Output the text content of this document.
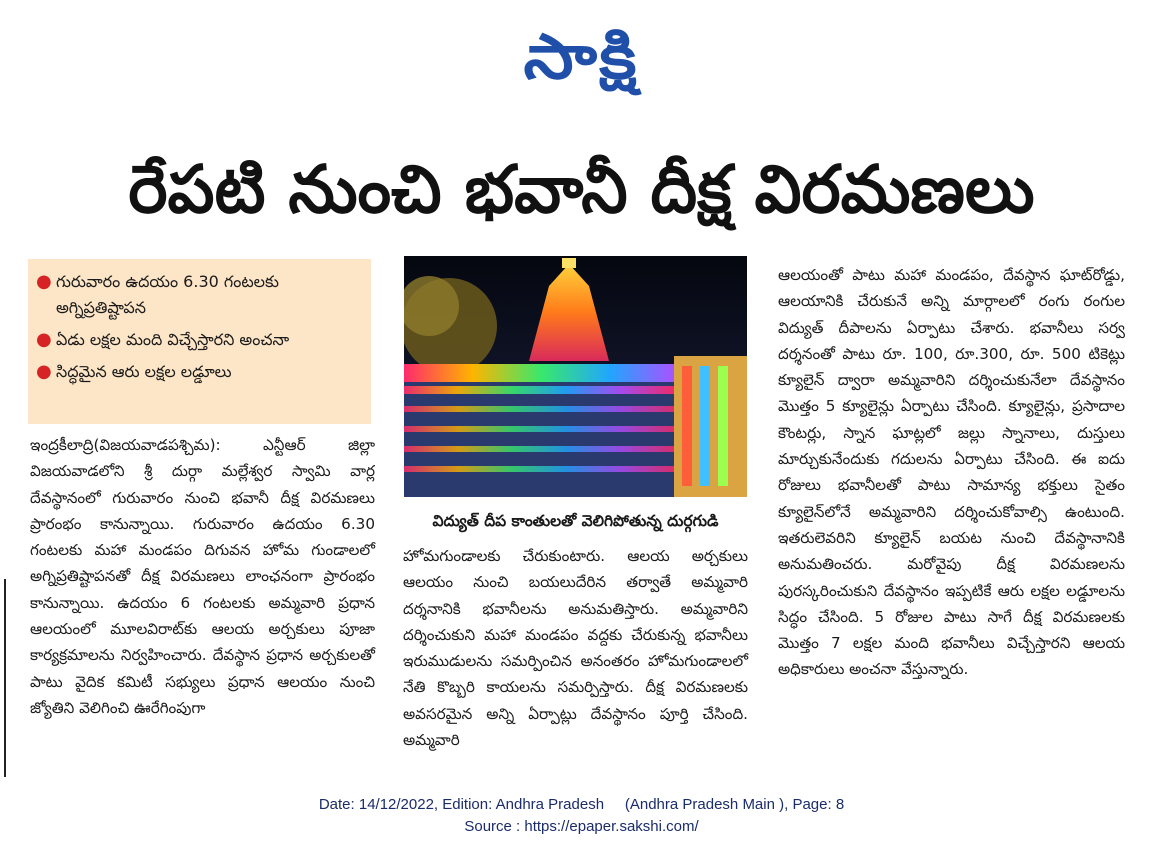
సాక్షి
రేపటి నుంచి భవానీ దీక్ష విరమణలు
● గురువారం ఉదయం 6.30 గంటలకు అగ్నిప్రతిష్టాపన
● ఏడు లక్షల మంది విచ్చేస్తారని అంచనా
● సిద్ధమైన ఆరు లక్షల లడ్డూలు

ఇంద్రకీలాద్రి(విజయవాడపశ్చిమ): ఎన్టీఆర్ జిల్లా విజయవాడలోని శ్రీ దుర్గా మల్లేశ్వర స్వామి వార్ల దేవస్థానంలో గురువారం నుంచి భవానీ దీక్ష విరమణలు ప్రారంభం కానున్నాయి. గురువారం ఉదయం 6.30 గంటలకు మహా మండపం దిగువన హోమ గుండాలలో అగ్నిప్రతిష్టాపనతో దీక్ష విరమణలు లాంఛనంగా ప్రారంభం కానున్నాయి. ఉదయం 6 గంటలకు అమ్మవారి ప్రధాన ఆలయంలో మూలవిరాట్‌కు ఆలయ అర్చకులు పూజా కార్యక్రమాలను నిర్వహించారు. దేవస్థాన ప్రధాన అర్చకులతో పాటు వైదిక కమిటీ సభ్యులు ప్రధాన ఆలయం నుంచి జ్యోతిని వెలిగించి ఊరేగింపుగా

విద్యుత్ దీప కాంతులతో వెలిగిపోతున్న దుర్గగుడి

హోమగుండాలకు చేరుకుంటారు. ఆలయ అర్చకులు ఆలయం నుంచి బయలుదేరిన తర్వాతే అమ్మవారి దర్శనానికి భవానీలను అనుమతిస్తారు. అమ్మవారిని దర్శించుకుని మహా మండపం వద్దకు చేరుకున్న భవానీలు ఇరుముడులను సమర్పించిన అనంతరం హోమగుండాలలో నేతి కొబ్బరి కాయలను సమర్పిస్తారు. దీక్ష విరమణలకు అవసరమైన అన్ని ఏర్పాట్లు దేవస్థానం పూర్తి చేసింది. అమ్మవారి

ఆలయంతో పాటు మహా మండపం, దేవస్థాన ఘాట్‌రోడ్డు, ఆలయానికి చేరుకునే అన్ని మార్గాలలో రంగు రంగుల విద్యుత్ దీపాలను ఏర్పాటు చేశారు. భవానీలు సర్వ దర్శనంతో పాటు రూ. 100, రూ.300, రూ. 500 టికెట్లు క్యూలైన్ ద్వారా అమ్మవారిని దర్శించుకునేలా దేవస్థానం మొత్తం 5 క్యూలైన్లు ఏర్పాటు చేసింది. క్యూలైన్లు, ప్రసాదాల కౌంటర్లు, స్నాన ఘాట్లలో జల్లు స్నానాలు, దుస్తులు మార్చుకునేందుకు గదులను ఏర్పాటు చేసింది. ఈ ఐదు రోజులు భవానీలతో పాటు సామాన్య భక్తులు సైతం క్యూలైన్‌లోనే అమ్మవారిని దర్శించుకోవాల్సి ఉంటుంది. ఇతరులెవరిని క్యూలైన్ బయట నుంచి దేవస్థానానికి అనుమతించరు. మరోవైపు దీక్ష విరమణలను పురస్కరించుకుని దేవస్థానం ఇప్పటికే ఆరు లక్షల లడ్డూలను సిద్ధం చేసింది. 5 రోజుల పాటు సాగే దీక్ష విరమణలకు మొత్తం 7 లక్షల మంది భవానీలు విచ్చేస్తారని ఆలయ అధికారులు అంచనా వేస్తున్నారు.

Date: 14/12/2022, Edition: Andhra Pradesh     (Andhra Pradesh Main ), Page: 8
Source : https://epaper.sakshi.com/
